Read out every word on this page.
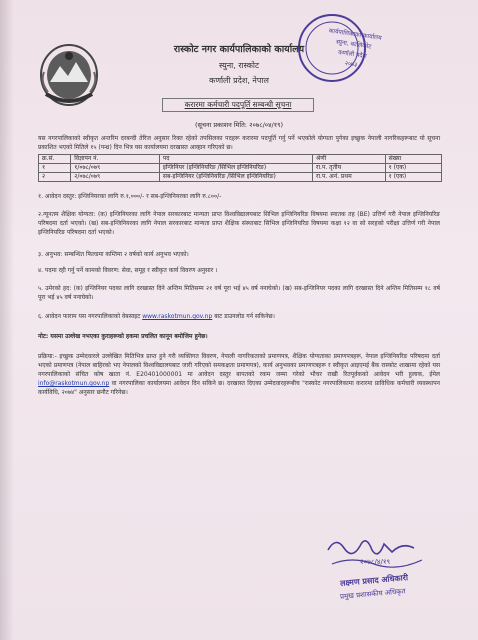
कार्यपालिकाको कार्यालय
स्युना, कालिकोट
कर्णाली प्रदेश
२०७३
रास्कोट नगर कार्यपालिकाको कार्यालय
स्युना, रास्कोट
कर्णाली प्रदेश, नेपाल
करारमा कर्मचारी पदपूर्ति सम्बन्धी सूचना
(सूचना प्रकाशन मिति: २०७८/०४/१९)
यस नगरपालिकाको स्वीकृत अन्तरिम दरबन्दी तेरिज अनुसार रिक्त रहेको तपसिलका पदहरू करारमा पदपूर्ति गर्नु पर्ने भएकोले योग्यता पुगेका इच्छुक नेपाली नागरिकहरूबाट यो सूचना प्रकाशित भएको मितिले १५ (पन्ध्र) दिन भित्र यस कार्यालयमा दरखास्त आव्हान गरिएको छ।
क्र.सं.	विज्ञापन नं.	पद	श्रेणी	संख्या
१	१/०७८/०७९	इन्जिनियर (इन्जिनियरिङ /सिभिल इन्जिनियरिङ)	रा.प. तृतीय	१ (एक)
२	२/०७८/०७९	सब-इन्जिनियर (इन्जिनियरिङ /सिभिल इन्जिनियरिङ)	रा.प. अनं. प्रथम	१ (एक)
१. आवेदन दस्तुर: इन्जिनियरका लागि रु.१,०००/- र सब-इन्जिनियरका लागि रु.८००/-
२.न्यूनतम शैक्षिक योग्यता: (क) इन्जिनियरका लागि नेपाल सरकारबाट मान्यता प्राप्त विश्वविद्यालयबाट सिभिल इन्जिनियरिङ विषयमा स्नातक तह (BE) उत्तिर्ण गरी नेपाल इन्जिनियरिङ परिषदमा दर्ता भएको। (ख) सब-इन्जिनियरका लागि नेपाल सरकारबाट मान्यता प्राप्त शैक्षिक संस्थाबाट सिभिल इन्जिनियरिङ विषयमा कक्षा १२ वा सो सरहको परीक्षा उत्तिर्ण गरी नेपाल इन्जिनियरिङ परिषदमा दर्ता भएको।
३. अनुभव: सम्बन्धित फिल्डमा कम्तिमा २ वर्षको कार्य अनुभव भएको।
४. पदमा रही गर्नु पर्ने कामको विवरण: सेवा, समूह र स्वीकृत कार्य विवरण अनुसार ।
५. उमेरको हद: (क) इन्जिनियर पदका लागि दरखास्त दिने अन्तिम मितिसम्म २१ वर्ष पूरा भई ४५ वर्ष ननाघेको। (ख) सब-इन्जिनियर पदका लागि दरखास्त दिने अन्तिम मितिसम्म १८ वर्ष पूरा भई ४५ वर्ष ननाघेको।
६. आवेदन फाराम यस नगरपालिकाको वेबसाइट www.raskotmun.gov.np बाट डाउनलोड गर्न सकिनेछ।
नोट: यसमा उल्लेख नभएका कुराहरूको हकमा प्रचलित कानून बमोजिम हुनेछ।
प्रक्रिया:- इच्छुक उम्मेदवारले उल्लेखित मितिभित्र प्राप्त हुने गरी व्यक्तिगत विवरण, नेपाली नागरिकताको प्रमाणपत्र, शैक्षिक योग्यताका प्रमाणपत्रहरू, नेपाल इन्जिनियरिङ परिषदमा दर्ता भएको प्रमाणपत्र (नेपाल बाहिरको भए नेपालको विश्वविद्यालयबाट जारी गरिएको समकक्षता प्रमाणपत्र), कार्य अनुभवका प्रमाणपत्रहरू र स्वीकृत आइएमई बैंक रास्कोट शाखामा रहेको यस नगरपालिकाको संचित कोष खाता नं. E20401000001 मा आवेदन दस्तुर बापतको रकम जम्मा गरेको भौचर राखी रितपूर्वकको आवेदन भरी हुलाक, ईमेल info@raskotmun.gov.np वा नगरपालिका कार्यालयमा आवेदन दिन सकिने छ। दरखास्त दिएका उम्मेदवारहरूबीच "रास्कोट नगरपालिकामा करारमा प्राविधिक कर्मचारी व्यवस्थापन कार्यविधि, २०७४" अनुसार छनौट गरिनेछ।
२०७८/४/१९
लक्ष्मण प्रसाद अधिकारी
प्रमुख प्रशासकीय अधिकृत
